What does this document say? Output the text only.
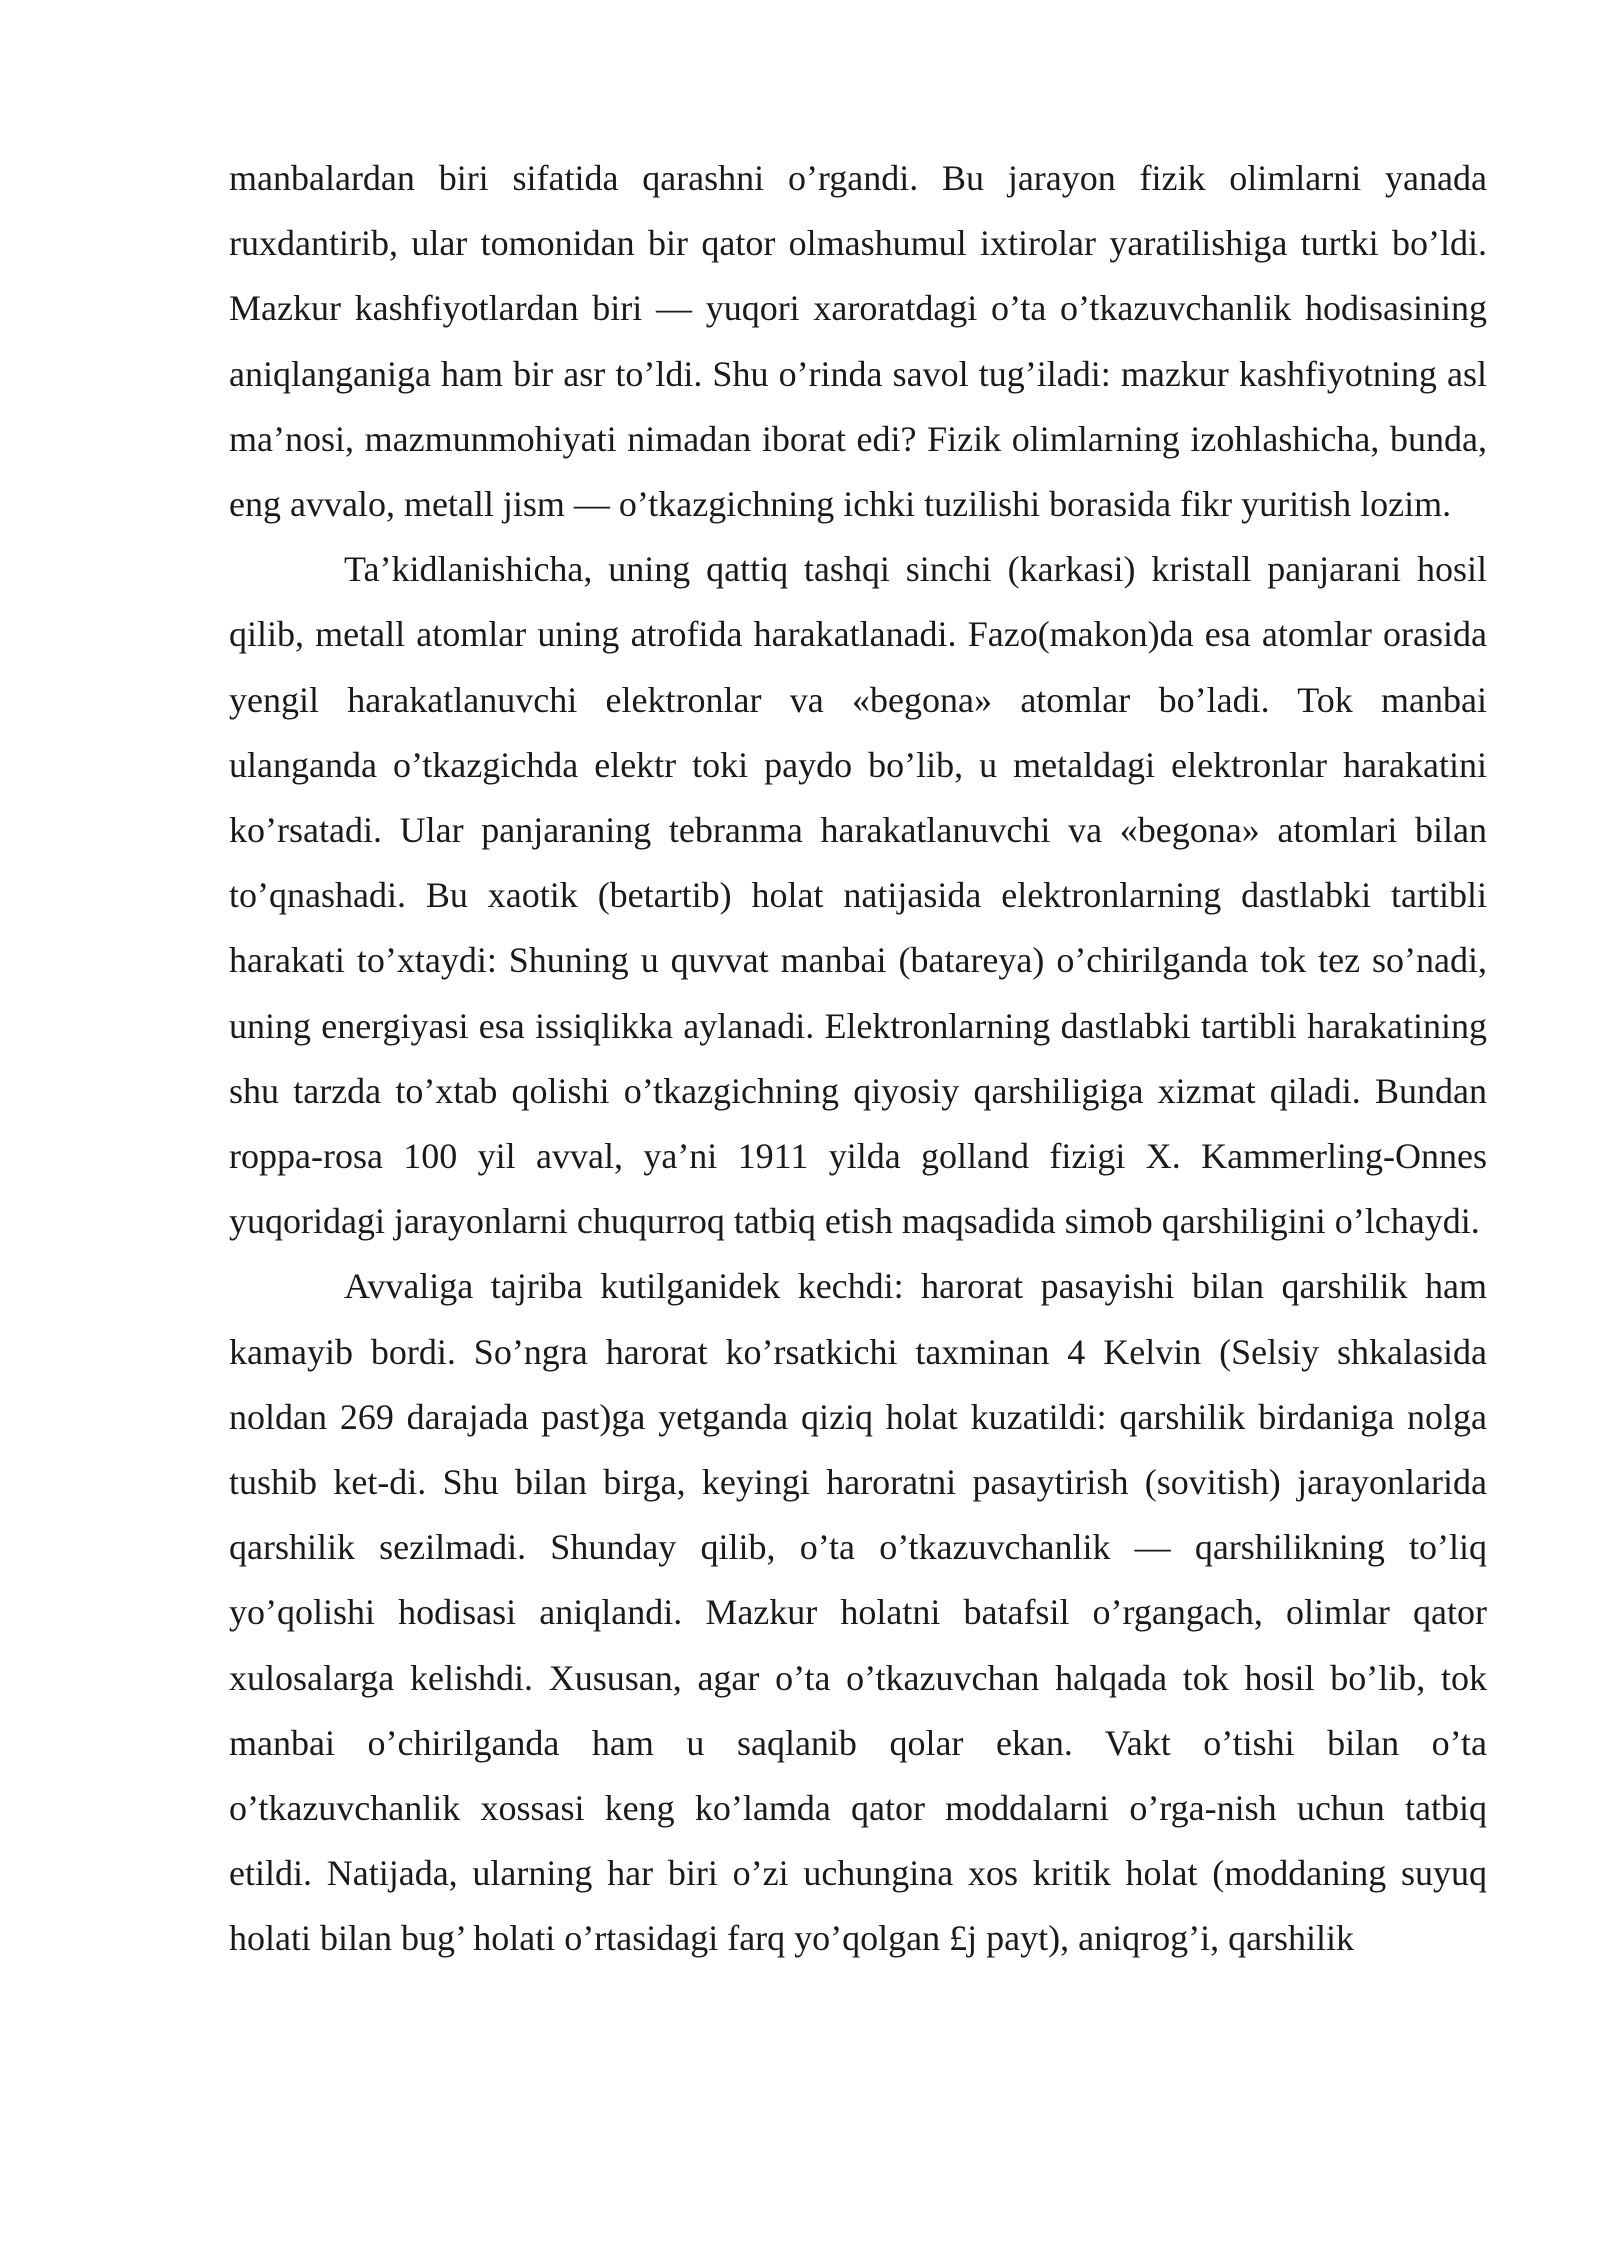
manbalardan biri sifatida qarashni o’rgandi. Bu jarayon fizik olimlarni yanada ruxdantirib, ular tomonidan bir qator olmashumul ixtirolar yaratilishiga turtki bo’ldi. Mazkur kashfiyotlardan biri — yuqori xaroratdagi o’ta o’tkazuvchanlik hodisasining aniqlanganiga ham bir asr to’ldi. Shu o’rinda savol tug’iladi: mazkur kashfiyotning asl ma’nosi, mazmunmohiyati nimadan iborat edi? Fizik olimlarning izohlashicha, bunda, eng avvalo, metall jism — o’tkazgichning ichki tuzilishi borasida fikr yuritish lozim.

Ta’kidlanishicha, uning qattiq tashqi sinchi (karkasi) kristall panjarani hosil qilib, metall atomlar uning atrofida harakatlanadi. Fazo(makon)da esa atomlar orasida yengil harakatlanuvchi elektronlar va «begona» atomlar bo’ladi. Tok manbai ulanganda o’tkazgichda elektr toki paydo bo’lib, u metaldagi elektronlar harakatini ko’rsatadi. Ular panjaraning tebranma harakatlanuvchi va «begona» atomlari bilan to’qnashadi. Bu xaotik (betartib) holat natijasida elektronlarning dastlabki tartibli harakati to’xtaydi: Shuning u quvvat manbai (batareya) o’chirilganda tok tez so’nadi, uning energiyasi esa issiqlikka aylanadi. Elektronlarning dastlabki tartibli harakatining shu tarzda to’xtab qolishi o’tkazgichning qiyosiy qarshiligiga xizmat qiladi. Bundan roppa-rosa 100 yil avval, ya’ni 1911 yilda golland fizigi X. Kammerling-Onnes yuqoridagi jarayonlarni chuqurroq tatbiq etish maqsadida simob qarshiligini o’lchaydi.

Avvaliga tajriba kutilganidek kechdi: harorat pasayishi bilan qarshilik ham kamayib bordi. So’ngra harorat ko’rsatkichi taxminan 4 Kelvin (Selsiy shkalasida noldan 269 darajada past)ga yetganda qiziq holat kuzatildi: qarshilik birdaniga nolga tushib ket-di. Shu bilan birga, keyingi haroratni pasaytirish (sovitish) jarayonlarida qarshilik sezilmadi. Shunday qilib, o’ta o’tkazuvchanlik — qarshilikning to’liq yo’qolishi hodisasi aniqlandi. Mazkur holatni batafsil o’rgangach, olimlar qator xulosalarga kelishdi. Xususan, agar o’ta o’tkazuvchan halqada tok hosil bo’lib, tok manbai o’chirilganda ham u saqlanib qolar ekan. Vakt o’tishi bilan o’ta o’tkazuvchanlik xossasi keng ko’lamda qator moddalarni o’rga-nish uchun tatbiq etildi. Natijada, ularning har biri o’zi uchungina xos kritik holat (moddaning suyuq holati bilan bug’ holati o’rtasidagi farq yo’qolgan £j payt), aniqrog’i, qarshilik
